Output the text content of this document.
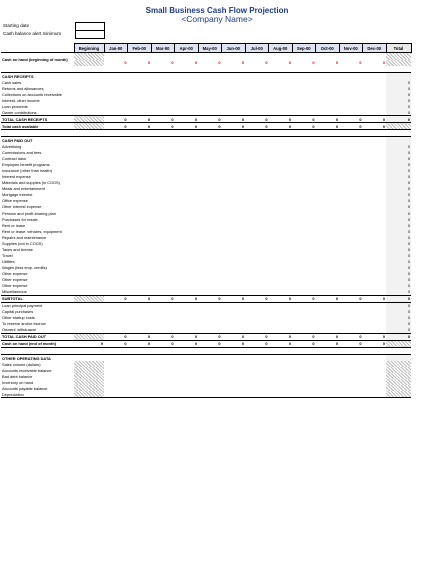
Small Business Cash Flow Projection
<Company Name>
Starting date
Cash balance alert minimum
	Beginning	Jan-00	Feb-00	Mar-00	Apr-00	May-00	Jun-00	Jul-00	Aug-00	Sep-00	Oct-00	Nov-00	Dec-00	Total
Cash on hand (beginning of month)														
		0	0	0	0	0	0	0	0	0	0	0	0	

CASH RECEIPTS														
Cash sales														0
Returns and allowances														0
Collections on accounts receivable														0
Interest, other income														0
Loan proceeds														0
Owner contributions														0
TOTAL CASH RECEIPTS		0	0	0	0	0	0	0	0	0	0	0	0	0
Total cash available		0	0	0	0	0	0	0	0	0	0	0	0	

CASH PAID OUT														
Advertising														0
Commissions and fees														0
Contract labor														0
Employee benefit programs														0
Insurance (other than health)														0
Interest expense														0
Materials and supplies (in COGS)														0
Meals and entertainment														0
Mortgage interest														0
Office expense														0
Other interest expense														0
Pension and profit-sharing plan														0
Purchases for resale														0
Rent or lease														0
Rent or lease: vehicles, equipment														0
Repairs and maintenance														0
Supplies (not in COGS)														0
Taxes and license														0
Travel														0
Utilities														0
Wages (less emp. credits)														0
Other expense														0
Other expense														0
Other expense														0
Miscellaneous														0
SUBTOTAL		0	0	0	0	0	0	0	0	0	0	0	0	0
Loan principal payment														0
Capital purchases														0
Other startup costs														0
To reserve and/or escrow														0
Owners' withdrawal														0
TOTAL CASH PAID OUT		0	0	0	0	0	0	0	0	0	0	0	0	0
Cash on hand (end of month)	0	0	0	0	0	0	0	0	0	0	0	0	0	

OTHER OPERATING DATA														
Sales volume (dollars)														
Accounts receivable balance														
Bad debt balance														
Inventory on hand														
Accounts payable balance														
Depreciation														
